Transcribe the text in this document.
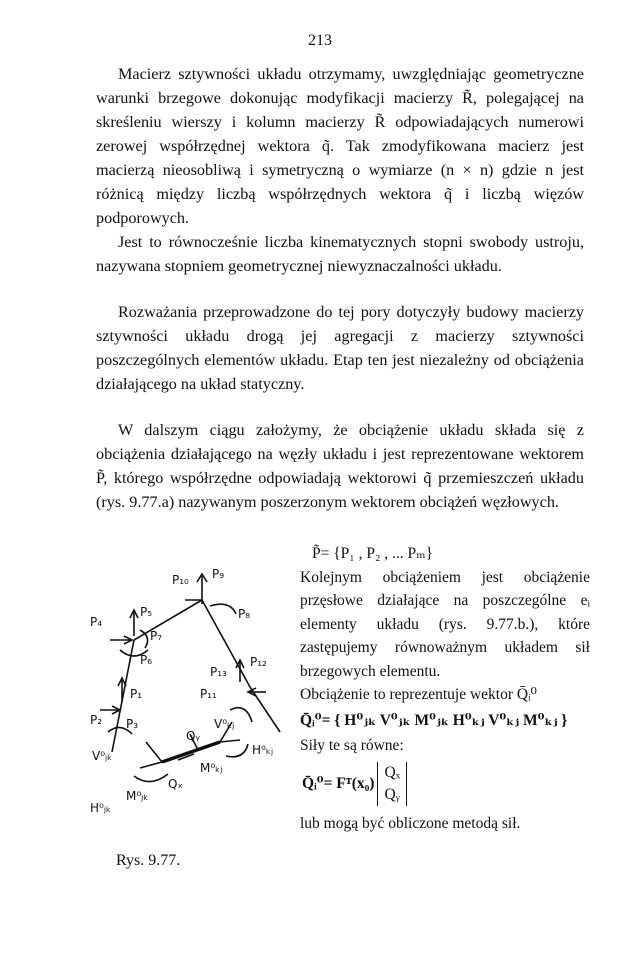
213

Macierz sztywności układu otrzymamy, uwzględniając geometryczne warunki brzegowe dokonując modyfikacji macierzy R̃, polegającej na skreśleniu wierszy i kolumn macierzy R̃ odpowiadających numerowi zerowej współrzędnej wektora q̃. Tak zmodyfikowana macierz jest macierzą nieosobliwą i symetryczną o wymiarze (n × n) gdzie n jest różnicą między liczbą współrzędnych wektora q̃ i liczbą więzów podporowych.

Jest to równocześnie liczba kinematycznych stopni swobody ustroju, nazywana stopniem geometrycznej niewyznaczalności układu.

Rozważania przeprowadzone do tej pory dotyczyły budowy macierzy sztywności układu drogą jej agregacji z macierzy sztywności poszczególnych elementów układu. Etap ten jest niezależny od obciążenia działającego na układ statyczny.

W dalszym ciągu założymy, że obciążenie układu składa się z obciążenia działającego na węzły układu i jest reprezentowane wektorem P̃, którego współrzędne odpowiadają wektorowi q̃ przemieszczeń układu (rys. 9.77.a) nazywanym poszerzonym wektorem obciążeń węzłowych.

P₁₀ P₉
P₅
P₄
P₇
P₈
P₆	P₁₂
P₁₃
P₁	P₁₁
P₂ P₃	V⁰ₖⱼ
Qᵧ
V⁰ⱼₖ	H⁰ₖⱼ
M⁰ₖⱼ
Qₓ
M⁰ⱼₖ
H⁰ⱼₖ
Rys. 9.77.
P̃= {P₁ , P₂ , ... Pₘ}
Kolejnym obciążeniem jest obciążenie przęsłowe działające na poszczególne eᵢ elementy układu (rys. 9.77.b.), które zastępujemy równoważnym układem sił brzegowych elementu.
Obciążenie to reprezentuje wektor Q̄ᵢ⁰
Q̄ᵢ⁰= { H⁰ⱼₖ V⁰ⱼₖ M⁰ⱼₖ H⁰ₖⱼ V⁰ₖⱼ M⁰ₖⱼ }
Siły te są równe:
Q̄ᵢ⁰= Fᵀ(x₀)
Qₓ
Qᵧ
lub mogą być obliczone metodą sił.
